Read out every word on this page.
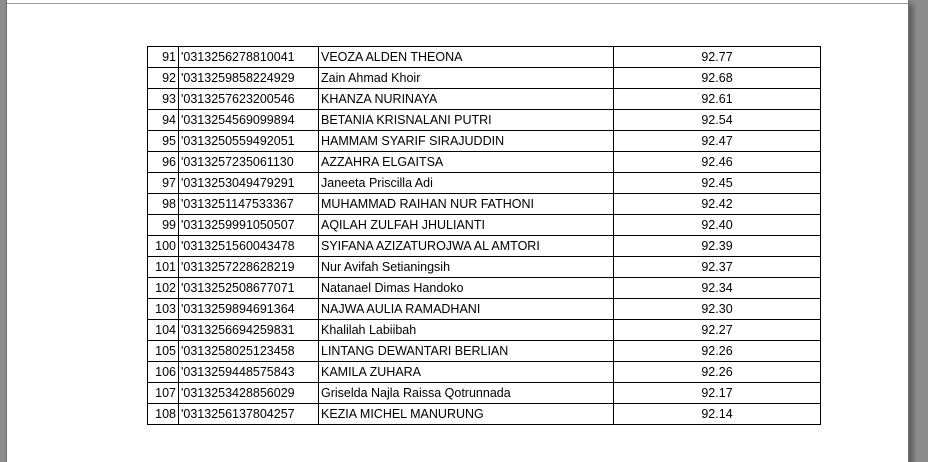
91	'0313256278810041	VEOZA ALDEN THEONA	92.77
92	'0313259858224929	Zain Ahmad Khoir	92.68
93	'0313257623200546	KHANZA NURINAYA	92.61
94	'0313254569099894	BETANIA KRISNALANI PUTRI	92.54
95	'0313250559492051	HAMMAM SYARIF SIRAJUDDIN	92.47
96	'0313257235061130	AZZAHRA ELGAITSA	92.46
97	'0313253049479291	Janeeta Priscilla Adi	92.45
98	'0313251147533367	MUHAMMAD RAIHAN NUR FATHONI	92.42
99	'0313259991050507	AQILAH ZULFAH JHULIANTI	92.40
100	'0313251560043478	SYIFANA AZIZATUROJWA AL AMTORI	92.39
101	'0313257228628219	Nur Avifah Setianingsih	92.37
102	'0313252508677071	Natanael Dimas Handoko	92.34
103	'0313259894691364	NAJWA AULIA RAMADHANI	92.30
104	'0313256694259831	Khalilah Labiibah	92.27
105	'0313258025123458	LINTANG DEWANTARI BERLIAN	92.26
106	'0313259448575843	KAMILA ZUHARA	92.26
107	'0313253428856029	Griselda Najla Raissa Qotrunnada	92.17
108	'0313256137804257	KEZIA MICHEL MANURUNG	92.14
